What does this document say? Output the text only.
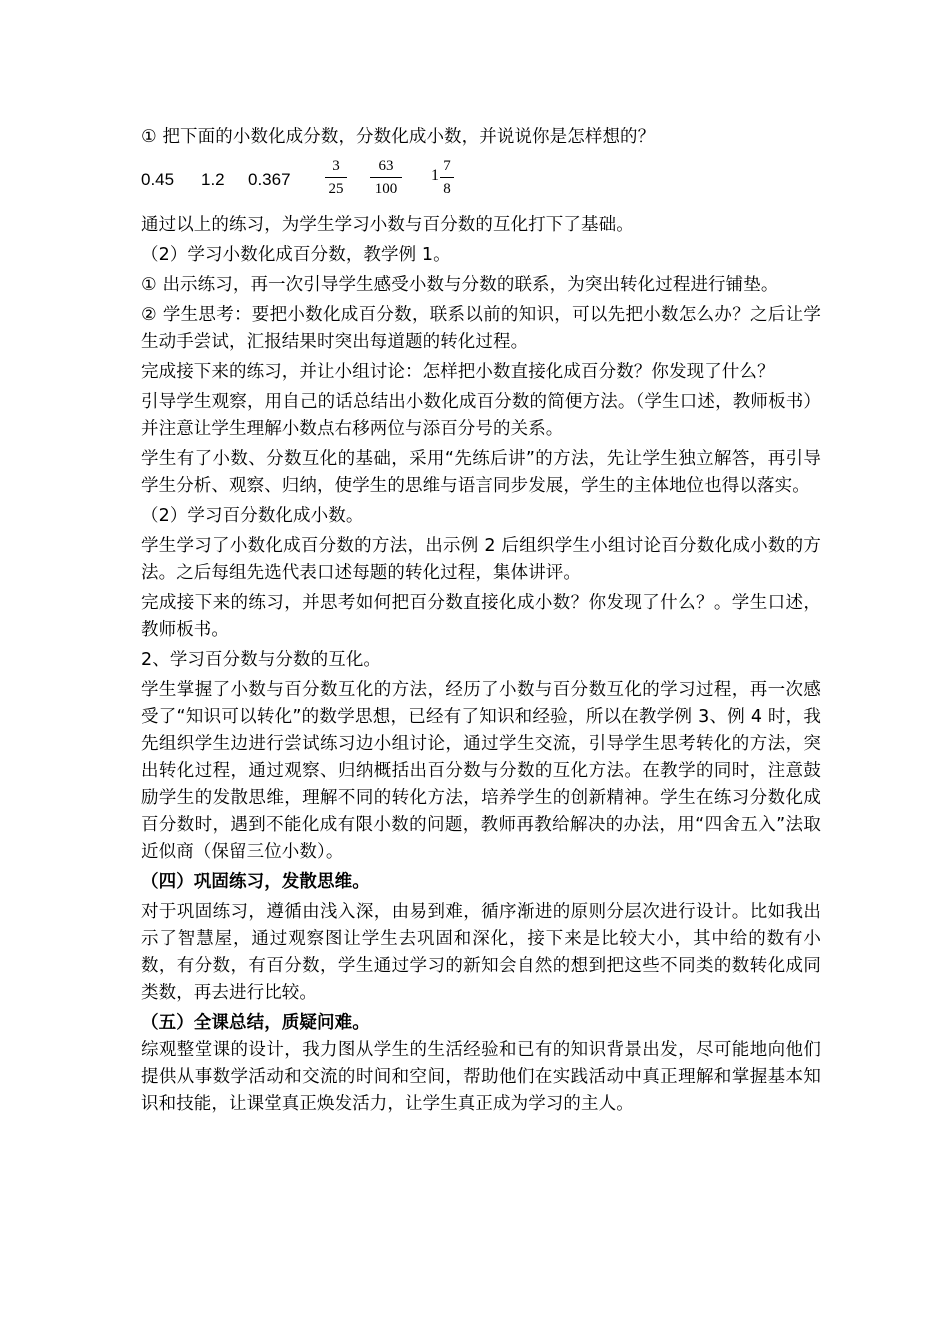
① 把下面的小数化成分数，分数化成小数，并说说你是怎样想的？

0.45 1.2 0.367
3
25
63
100
1
7
8

通过以上的练习，为学生学习小数与百分数的互化打下了基础。

（2）学习小数化成百分数，教学例 1。

① 出示练习，再一次引导学生感受小数与分数的联系，为突出转化过程进行铺垫。

② 学生思考：要把小数化成百分数，联系以前的知识，可以先把小数怎么办？之后让学生动手尝试，汇报结果时突出每道题的转化过程。

完成接下来的练习，并让小组讨论：怎样把小数直接化成百分数？你发现了什么？

引导学生观察，用自己的话总结出小数化成百分数的简便方法。（学生口述，教师板书）并注意让学生理解小数点右移两位与添百分号的关系。

学生有了小数、分数互化的基础，采用“先练后讲”的方法，先让学生独立解答，再引导学生分析、观察、归纳，使学生的思维与语言同步发展，学生的主体地位也得以落实。

（2）学习百分数化成小数。

学生学习了小数化成百分数的方法，出示例 2 后组织学生小组讨论百分数化成小数的方法。之后每组先选代表口述每题的转化过程，集体讲评。

完成接下来的练习，并思考如何把百分数直接化成小数？你发现了什么？。学生口述，教师板书。

2、学习百分数与分数的互化。

学生掌握了小数与百分数互化的方法，经历了小数与百分数互化的学习过程，再一次感受了“知识可以转化”的数学思想，已经有了知识和经验，所以在教学例 3、例 4 时，我先组织学生边进行尝试练习边小组讨论，通过学生交流，引导学生思考转化的方法，突出转化过程，通过观察、归纳概括出百分数与分数的互化方法。在教学的同时，注意鼓励学生的发散思维，理解不同的转化方法，培养学生的创新精神。学生在练习分数化成百分数时，遇到不能化成有限小数的问题，教师再教给解决的办法，用“四舍五入”法取近似商（保留三位小数）。

（四）巩固练习，发散思维。

对于巩固练习，遵循由浅入深，由易到难，循序渐进的原则分层次进行设计。比如我出示了智慧屋，通过观察图让学生去巩固和深化，接下来是比较大小，其中给的数有小数，有分数，有百分数，学生通过学习的新知会自然的想到把这些不同类的数转化成同类数，再去进行比较。

（五）全课总结，质疑问难。

综观整堂课的设计，我力图从学生的生活经验和已有的知识背景出发，尽可能地向他们提供从事数学活动和交流的时间和空间，帮助他们在实践活动中真正理解和掌握基本知识和技能，让课堂真正焕发活力，让学生真正成为学习的主人。
